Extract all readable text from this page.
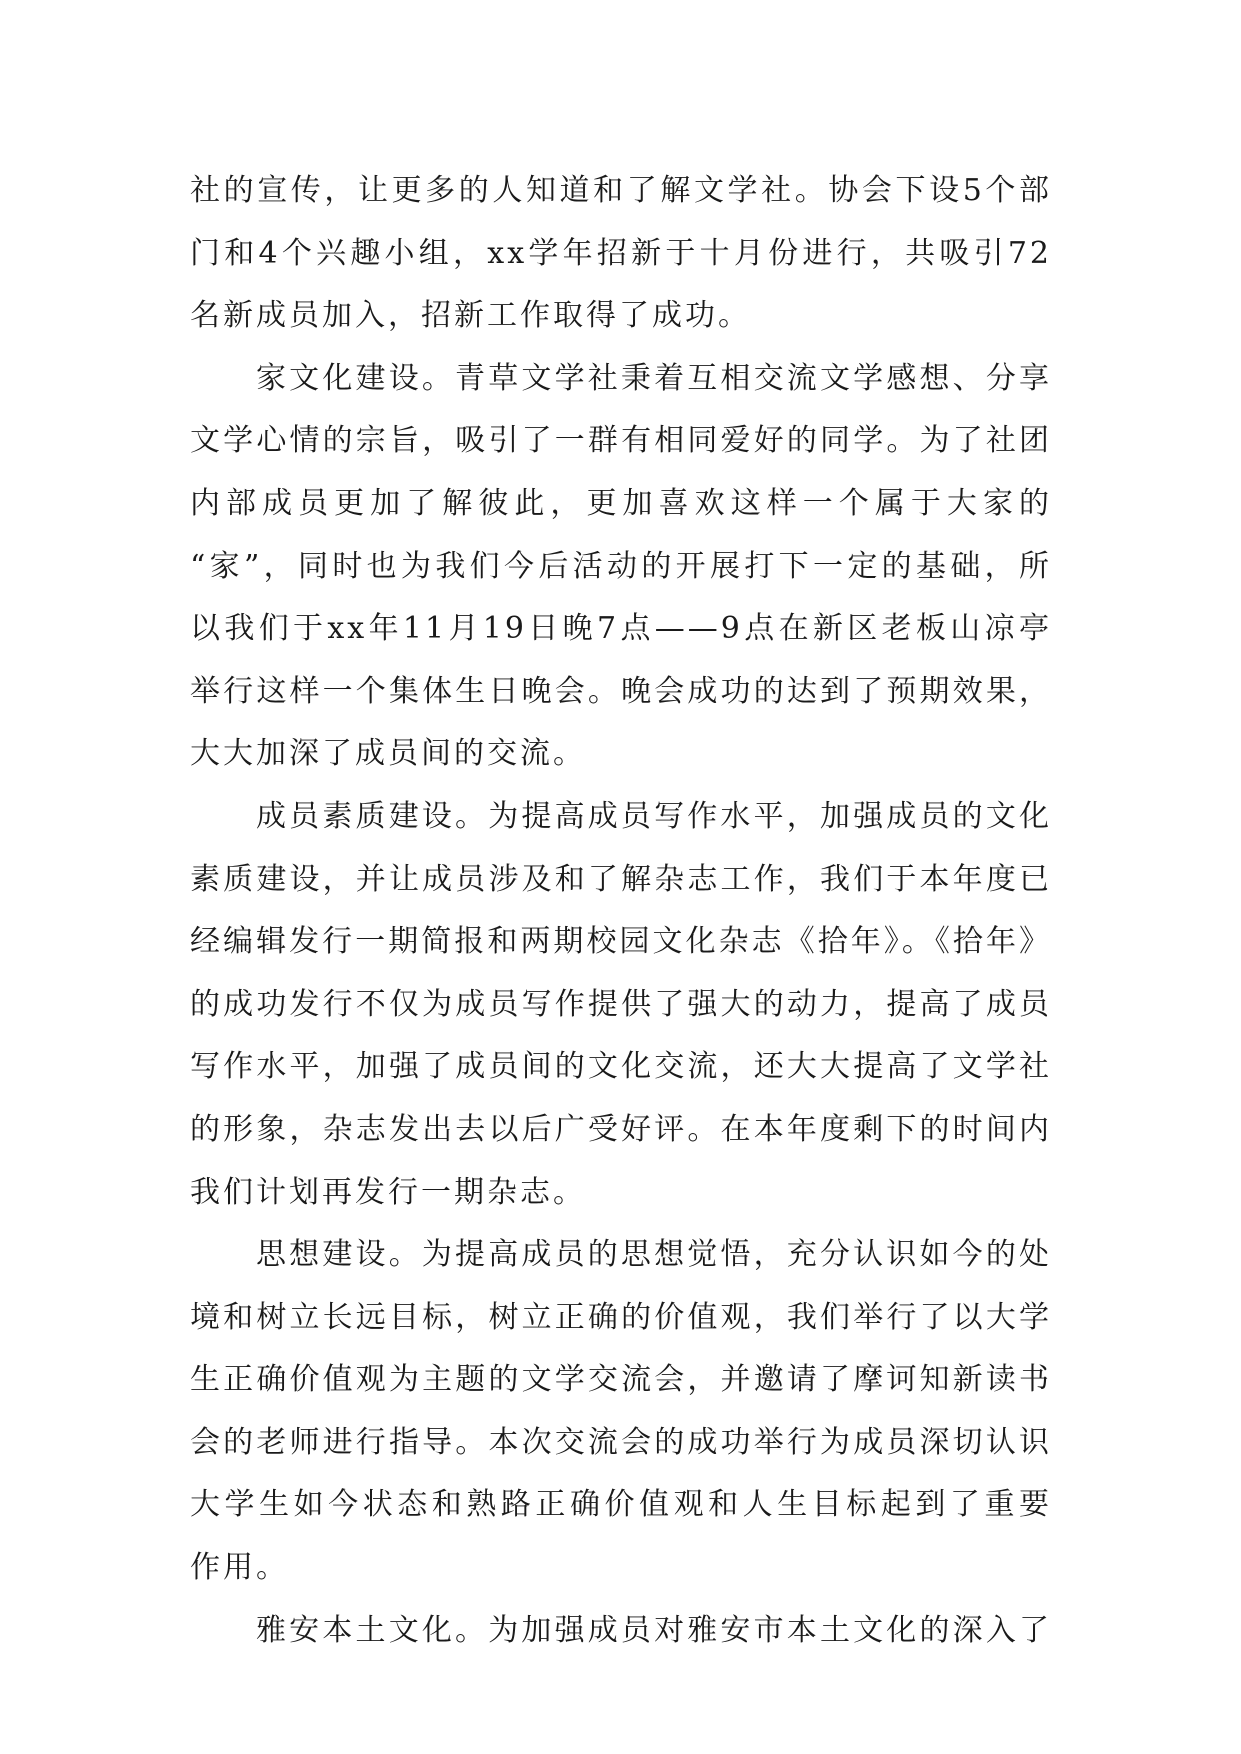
社的宣传，让更多的人知道和了解文学社。协会下设5个部
门和4个兴趣小组，xx学年招新于十月份进行，共吸引72
名新成员加入，招新工作取得了成功。
家文化建设。青草文学社秉着互相交流文学感想、分享
文学心情的宗旨，吸引了一群有相同爱好的同学。为了社团
内部成员更加了解彼此，更加喜欢这样一个属于大家的
“家”，同时也为我们今后活动的开展打下一定的基础，所
以我们于xx年11月19日晚7点——9点在新区老板山凉亭
举行这样一个集体生日晚会。晚会成功的达到了预期效果，
大大加深了成员间的交流。
成员素质建设。为提高成员写作水平，加强成员的文化
素质建设，并让成员涉及和了解杂志工作，我们于本年度已
经编辑发行一期简报和两期校园文化杂志《拾年》。《拾年》
的成功发行不仅为成员写作提供了强大的动力，提高了成员
写作水平，加强了成员间的文化交流，还大大提高了文学社
的形象，杂志发出去以后广受好评。在本年度剩下的时间内
我们计划再发行一期杂志。
思想建设。为提高成员的思想觉悟，充分认识如今的处
境和树立长远目标，树立正确的价值观，我们举行了以大学
生正确价值观为主题的文学交流会，并邀请了摩诃知新读书
会的老师进行指导。本次交流会的成功举行为成员深切认识
大学生如今状态和熟路正确价值观和人生目标起到了重要
作用。
雅安本土文化。为加强成员对雅安市本土文化的深入了
